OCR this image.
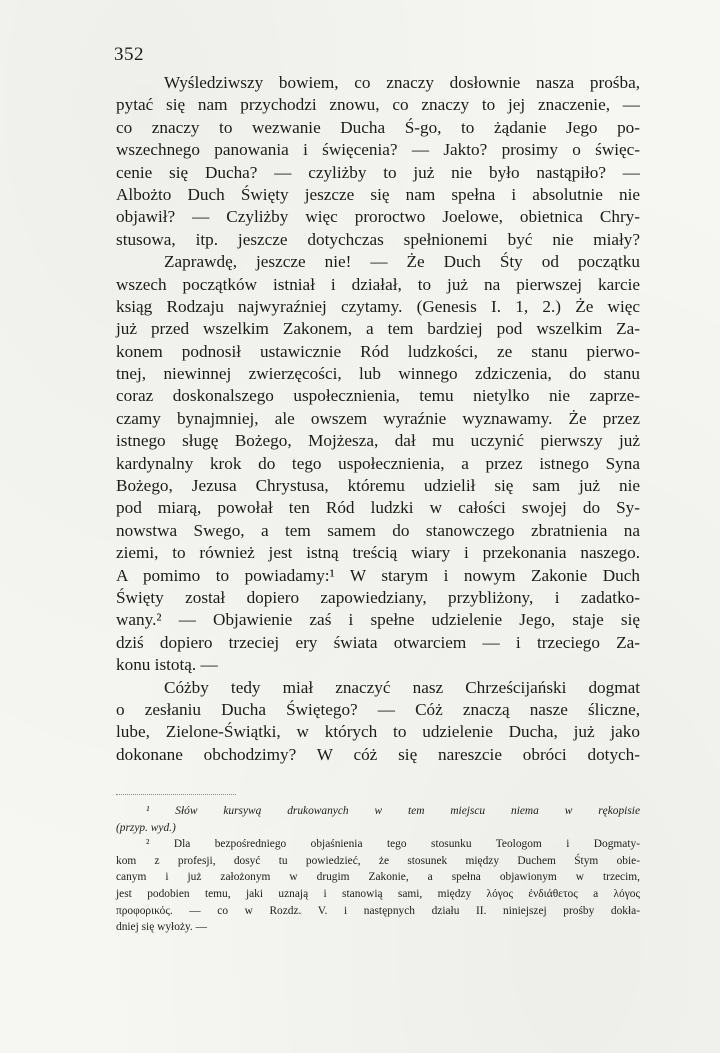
352
Wyśledziwszy bowiem, co znaczy dosłownie nasza prośba,
pytać się nam przychodzi znowu, co znaczy to jej znaczenie, —
co znaczy to wezwanie Ducha Ś-go, to żądanie Jego po-
wszechnego panowania i święcenia? — Jakto? prosimy o święc-
cenie się Ducha? — czyliżby to już nie było nastąpiło? —
Albożto Duch Święty jeszcze się nam spełna i absolutnie nie
objawił? — Czyliżby więc proroctwo Joelowe, obietnica Chry-
stusowa, itp. jeszcze dotychczas spełnionemi być nie miały?
Zaprawdę, jeszcze nie! — Że Duch Śty od początku
wszech początków istniał i działał, to już na pierwszej karcie
ksiąg Rodzaju najwyraźniej czytamy. (Genesis I. 1, 2.) Że więc
już przed wszelkim Zakonem, a tem bardziej pod wszelkim Za-
konem podnosił ustawicznie Ród ludzkości, ze stanu pierwo-
tnej, niewinnej zwierzęcości, lub winnego zdziczenia, do stanu
coraz doskonalszego uspołecznienia, temu nietylko nie zaprze-
czamy bynajmniej, ale owszem wyraźnie wyznawamy. Że przez
istnego sługę Bożego, Mojżesza, dał mu uczynić pierwszy już
kardynalny krok do tego uspołecznienia, a przez istnego Syna
Bożego, Jezusa Chrystusa, któremu udzielił się sam już nie
pod miarą, powołał ten Ród ludzki w całości swojej do Sy-
nowstwa Swego, a tem samem do stanowczego zbratnienia na
ziemi, to również jest istną treścią wiary i przekonania naszego.
A pomimo to powiadamy:¹ W starym i nowym Zakonie Duch
Święty został dopiero zapowiedziany, przybliżony, i zadatko-
wany.² — Objawienie zaś i spełne udzielenie Jego, staje się
dziś dopiero trzeciej ery świata otwarciem — i trzeciego Za-
konu istotą. —
Cóżby tedy miał znaczyć nasz Chrześcijański dogmat
o zesłaniu Ducha Świętego? — Cóż znaczą nasze śliczne,
lube, Zielone-Świątki, w których to udzielenie Ducha, już jako
dokonane obchodzimy? W cóż się nareszcie obróci dotych-
¹ Słów kursywą drukowanych w tem miejscu niema w rękopisie
(przyp. wyd.)
² Dla bezpośredniego objaśnienia tego stosunku Teologom i Dogmaty-
kom z profesji, dosyć tu powiedzieć, że stosunek między Duchem Śtym obie-
canym i już założonym w drugim Zakonie, a spełna objawionym w trzecim,
jest podobien temu, jaki uznają i stanowią sami, między λόγος ἐνδιάθετος a λόγος
προφορικός. — co w Rozdz. V. i następnych działu II. niniejszej prośby dokła-
dniej się wyłoży. —
